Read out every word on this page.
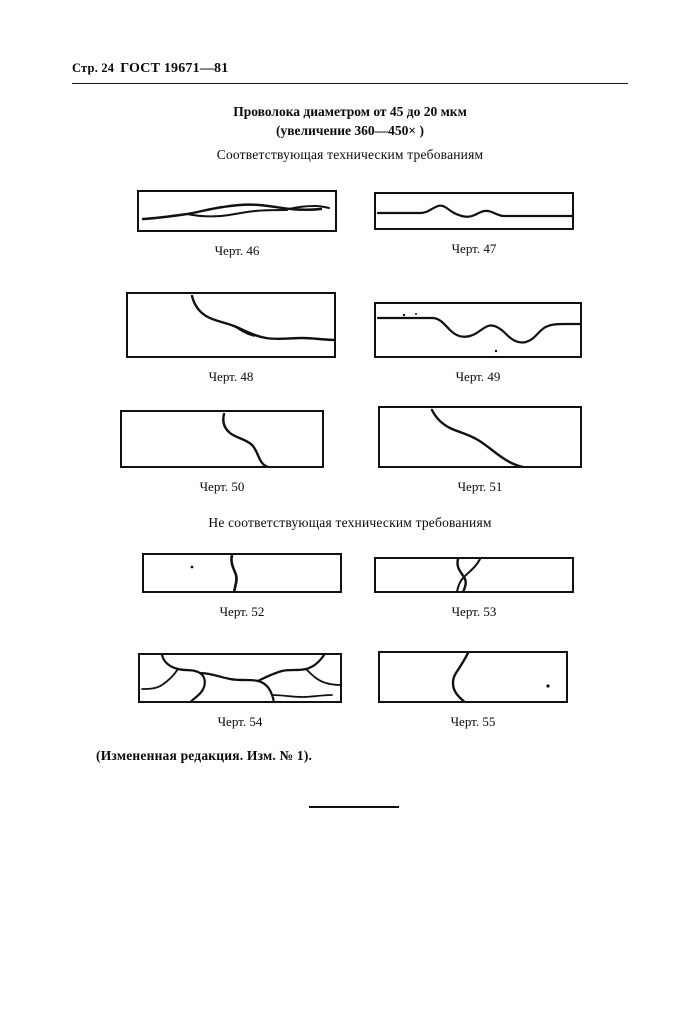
Стр. 24 ГОСТ 19671—81
Проволока диаметром от 45 до 20 мкм
(увеличение 360—450× )
Соответствующая техническим требованиям
Черт. 46	Черт. 47
Черт. 48	Черт. 49
Черт. 50	Черт. 51
Не соответствующая техническим требованиям
Черт. 52	Черт. 53
Черт. 54	Черт. 55
(Измененная редакция. Изм. № 1).
